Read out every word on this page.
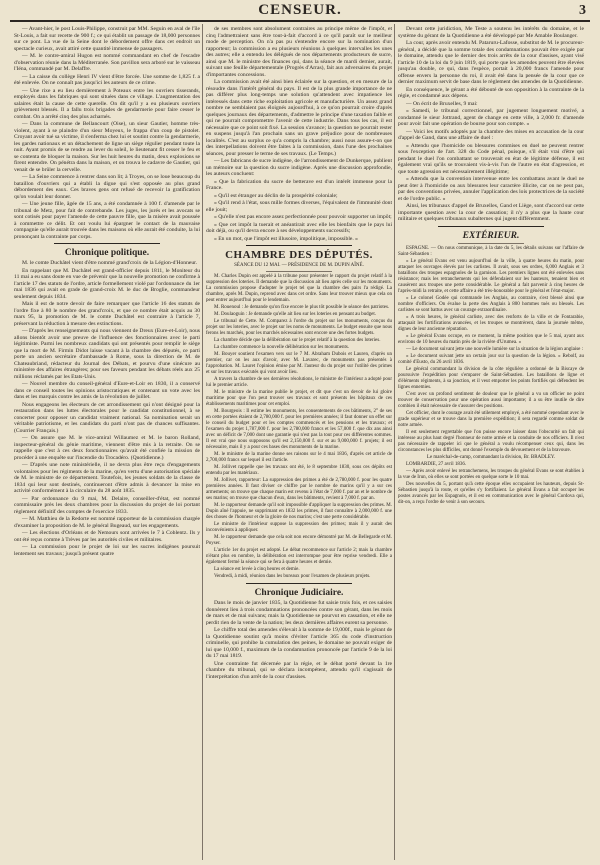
CENSEUR.	3

— Avant-hier, le post Louis-Philippe, construit par MM. Seguin en aval de l'île St-Louis, a fait sur recette de 900 f.; ce qui établit un passage de 18,000 personnes sur ce pont. La vue de la Seine dont le débordement offre dans cet endroit un spectacle curieux, avait attiré cette quantité immense de passagers.

— M. le contre-amiral Hugon est nommé commandant en chef de l'escadre d'observation réunie dans la Méditerranée. Son pavillon sera arboré sur le vaisseau l'Iéna, commandé par M. Delaffre.

— La caisse du collège Henri IV vient d'être forcée. Une somme de 1,825 f. a été enlevée. On ne connaît pas jusqu'ici les auteurs de ce crime.

— Une rixe a eu lieu dernièrement à Poteaux entre les ouvriers tisserands, employés dans les fabriques qui sont situées dans ce village. L'augmentation des salaires était la cause de cette querelle. On dit qu'il y a eu plusieurs ouvriers grièvement blessés. Il a fallu trois brigades de gendarmerie pour faire cesser le combat. On a arrêté cinq des plus acharnés.

— Dans la commune de Bellancourt (Oise), un sieur Gautier, homme très-violent, ayant à se plaindre d'un sieur Moyeux, le frappa d'un coup de pistolet. Croyant avoir tué sa victime, il s'enferma chez lui et soutint contre la gendarmerie, les gardes nationaux et un détachement de ligne un siège régulier pendant toute la nuit. Ayant promis de se rendre au lever du soleil, le lieutenant fit cesser le feu et se contenta de bloquer la maison. Sur les huit heures du matin, deux explosions se firent entendre. On pénétra dans la maison, et on trouva le cadavre de Gautier, qui venait de se brûler la cervelle.

— La Seine commence à rentrer dans son lit; à Troyes, on se loue beaucoup du bataillon d'ouvriers qui a établi la digue qui s'est opposée au plus grand débordement des eaux. Ces braves gens ont refusé de recevoir la gratification qu'on voulait leur donner.

— Une jeune fille, âgée de 15 ans, a été condamnée à 100 f. d'amende par le tribunal de Metz, pour fait de contrebande. Les juges, les jurés et les avocats se sont cotisés pour payer l'amende de cette pauvre fille, que la misère avait poussée à commettre ce délit. Et ont voulu lui épargner le contact de la mauvaise compagnie qu'elle aurait trouvée dans les maisons où elle aurait été conduite, la lui prononçant la contrainte par corps.

Chronique politique.

M. le comte Duchâtel vient d'être nommé grand'croix de la Légion-d'Honneur.

En rappelant que M. Duchâtel est grand-officier depuis 1811, le Moniteur du 11 mai a eu sans doute en vue de prévenir que la nouvelle promotion ne confirme à l'article 17 des statuts de l'ordre, article formellement violé par l'ordonnance du 1er mai 1836 qui avait en grade de grand-croix M. le duc de Broglie, commandeur seulement depuis 1834.

Mais il est de notre devoir de faire remarquer que l'article 16 des statuts de l'ordre fixe à 80 le nombre des grand'croix, et que ce nombre était acquis au 30 mars 95, la promotion de M. le comte Duchâtel est contraire à l'article 7, préservant la réduction à mesure des extinctions.

— D'après les renseignements qui nous viennent de Dreux (Eure-et-Loir), nous allons bientôt avoir une preuve de l'influence des fonctionnaires avec le parti légitimiste. Parmi les nombreux candidats qui ont présentés pour remplir le siège que la mort de M. Firmin Didot laisse vacant à la chambre des députés, ce parti porte un ancien secrétaire d'ambassade à Rome, sous la direction de M. de Chateaubriand, rédacteur du Journal des Débats, et pourvu d'une sinécure au ministère des affaires étrangères; pour ses faveurs pendant les débats réels aux 25 millions réclamés par les Etats-Unis.

— Nouvel membre du conseil-général d'Eure-et-Loir en 1830, il a conservé dans ce conseil toutes les opinions aristocratiques et contenant un vote avec les dans et les marquis contre les amis de la révolution de juillet.

Nous engageons les électeurs de cet arrondissement qui n'ont désigné pour la restauration dans les luttes électorales pour le candidat constitutionnel, à se concerter pour opposer un candidat vraiment national. Sa nomination serait un véritable patriotisme, et les candidats du parti n'ont pas de chances suffisantes. (Courrier Français.)

— On assure que M. le vice-amiral Willaumez et M. le baron Rolland, inspecteur-général du génie maritime, viennent d'être mis à la retraite. On se rappelle que c'est à ces deux fonctionnaires qu'avait été confiée la mission de procéder à une enquête sur l'incendie du Trocadéro. (Quotidienne.)

— D'après une note ministérielle, il ne devra plus être reçu d'engagements volontaires pour les régiments de la marine, qu'en vertu d'une autorisation spéciale de M. le ministre de ce département. Toutefois, les jeunes soldats de la classe de 1834 qui leur sont destinés, continueront d'être admis à devancer la mise en activité conformément à la circulaire du 28 août 1835.

— Par ordonnance du 9 mai, M. Delaire, conseiller-d'état, est nommé commissaire près les deux chambres pour la discussion du projet de loi portant règlement définitif des comptes de l'exercice 1833.

— M. Matthieu de la Redorte est nommé rapporteur de la commission chargée d'examiner la proposition de M. le général Bugeaud, sur les engagements.

— Les élections d'Orléans et de Nemours sont arrivées le 7 à Coblentz. Ils y ont été reçus comme à Trèves par les autorités civiles et militaires.

— La commission pour le projet de loi sur les sucres indigènes poursuit lentement ses travaux; jusqu'à présent quatre

de ses membres sont absolument contraires au principe même de l'impôt, et cinq l'admettraient sans être tout-à-fait d'accord à ce qu'il paraît sur le meilleur mode de perception. On n'a pas pu s'entendre encore sur la nomination d'un rapporteur; la commission a eu plusieurs réunions à quelques intervalles les unes des autres; elle a entendu les délégués de nos départements producteurs de sucre, ainsi que M. le ministre des finances qui, dans la séance de mardi dernier, aurait, suivant une feuille départementale (Progrès d'Arras), fait aux adversaires du projet d'importantes concessions.

La commission avait été ainsi bien éclairée sur la question, et en mesure de la résoudre dans l'intérêt général du pays. Il est de la plus grande importance de ne pas différer plus long-temps une solution qu'attendent avec impatience les intéressés dans cette riche exploitation agricole et manufacturière. Un assez grand nombre ne semblaient pas éloignés aujourd'hui, à ce qu'on pourrait croire d'après quelques journaux des départements, d'admettre le principe d'une taxation faible et qui ne pourrait compromettre l'avenir de cette industrie. Dans tous les cas, il est nécessaire que ce point soit fixé. La session s'avance; la question ne pourrait rester en suspens jusqu'à l'an prochain sans un grave préjudice pour de nombreuses localités. C'est au surplus ce qu'a compris la chambre; aussi nous assure-t-on que des interpellations doivent être faites à la commission, dans l'une des prochaines séances, pour presser le terme de ses travaux. (Le Temps.)

— Les fabricans de sucre indigène, de l'arrondissement de Dunkerque, publient un mémoire sur la question du sucre indigène. Après une discussion approfondie, les auteurs concluent:

« Que la fabrication du sucre de betterave est d'un intérêt immense pour la France.

« Qu'il est étranger au déclin de la prospérité coloniale;

« Qu'il rend à l'état, sous mille formes diverses, l'équivalent de l'immunité dont elle jouit;

« Qu'elle n'est pas encore assez perfectionnée pour pouvoir supporter un impôt;

« Que cet impôt la tuerait et anéantirait avec elle les bienfaits que le pays lui doit déjà, ou qu'il devra encore à ses développements successifs;

« En un mot, que l'impôt est illusoire, impolitique, impossible. »

CHAMBRE DES DÉPUTÉS.

SÉANCE DU 12 MAI. — PRÉSIDENCE DE M. DUPIN AÎNÉ.

M. Charles Dupin est appelé à la tribune pour présenter le rapport du projet relatif à la suppression des loteries. Il demande que la discussion ait lieu après celle sur les monuments. La commission propose d'adopter le projet tel que la chambre des pairs l'a rédigé. La chambre, après M. Dupin, reprend avec dans cet ordre. Sans leur trouver mieux que cela on peut entrer aujourd'hui pour le lendemain.

M. Rouenoul : Je demande qu'on fixe encore le plus tôt possible le séance des patriotes.

M. Doulaoguin : Je demande qu'elle ait lieu sur les loteries en pensant au budget.

Le tribunal de Cette. M. Comparez à l'ordre du projet sur les monuments, conçus du projet sur les loteries, avec le projet sur les noms de monuments. Le budget ensuite que nous ferons les marchés, pour les marchés nécessaires sont encore une des fortes budgets.

La chambre décide que la délibération sur le projet relatif à la question des loteries.

La chambre commence la nouvelle délibération sur les monuments.

M. Bouyer soutient l'examen vers sur le 7 M. Abraham Dubois et Lauren, d'après un premier, car on les aux d'avoir, avec M. Lavarec, de monuments pas présentés à l'approbation. M. Lauret l'opinion émise par M. l'auteur du du projet sur l'utilité des primes et sur les travaux exécutés qui vont avoir lieu.

A travers la chambre de ses dernières résolutions, le ministre de l'intérieur a adopté pour lui le premier article.

M. le ministre de la marine publie le projet, et dit que c'est un devoir de lui gloire maritime pour que l'on peut trouver ses travaux et sont présents les hôpitaux de ces établissements maritimes pour cet emploi.

M. Bourgeois : Il estime les monuments, les consentements de ces bâtiments, 2° de ses en cette portées étaient de 2,780,000 f. pour les premières années; il faut donner un effet sur le conseil du budget pour et les comptes commencés et les pensions et les travaux; et l'examen du projet 1,787,000 f. pour les 2,780,000 francs et les 57,000 f. que dix ans ainsi avec un déficit de 7,000 dont une garantie qui n'est pas la tout pour ces différentes sommes. Il est vrai que nous supposons qu'il est 2,150,000 f. sur et au 9,000,000 f. projets; il est nécessaire, mais il y a pour ces bases des monuments de la marine.

M. le ministre de la marine donne ses raisons sur le 4 mai 1836, d'après cet article de 2,700,000 francs sur lequel il est l'article.

M. Jollivet rappelle que les travaux ont été, le 8 septembre 1830, sous ces dépôts est entendu par les matériaux.

M. Jollivet, rapporteur: La suppression des primes a été de 2,780,000 f. pour les quatre premières années. Il faut diviser ce chiffre par le nombre de marins qu'il y a sur ces armements; on trouve que chaque marin est revenu à l'état de 7,000 f. par an et le nombre de ses marins; on trouve que chacun d'eux, dans les bâtiments, revient à 7,000 f. par an.

M. le rapporteur demande qu'il soit impossible d'appliquer la suppression des primes. M. Dupin aîné l'appuie, ne supprimant en 1832 les primes, il faut connaître à 2,000,000 f. une des choses de l'honneur et de la gloire de nos marins; c'est une perte considérable.

Le ministre de l'intérieur suppose la suppression des primes; mais il y aurait des inconvénients à appliquer.

M. le rapporteur demande que cela soit non encore démontré par M. de Bellegarde et M. Poyser.

L'article 1er du projet est adopté. Le débat recommence sur l'article 2; mais la chambre n'étant plus en nombre, la délibération est interrompue pour être reprise vendredi. Elle a également fermé la séance qui se fera à quatre heures et demie.

La séance est levée à cinq heures et demie.

Vendredi, à midi, réunion dans les bureaux pour l'examen de plusieurs projets.

Chronique Judiciaire.

Dans le mois de janvier 1835, la Quotidienne fut saisie trois fois, et ces saisies donnèrent lieu à trois condamnations prononcées contre son gérant, dans les mois de mars et de mai suivans; mais la Quotidienne se pourvut en cassation, et elle ne perdit rien de la vente de la nation; les deux dernières affaires eurent sa personne.

Le chiffre total des amendes s'élevait à la somme de 19,000f., mais le gérant de la Quotidienne soutint qu'à moins d'éviter l'article 365 du code d'instruction criminelle, qui prohibe la cumulation des peines, le domaine ne pouvait exiger de lui que 10,000 f., maximum de la condamnation prononcée par l'article 9 de la loi du 17 mai 1819.

Une contrainte fut décernée par la régie, et le débat porté devant la 1re chambre du tribunal, qui se déclara incompétent, attendu qu'il s'agissait de l'interprétation d'un arrêt de la cour d'assises.

Devant cette juridiction, Me Teste a soutenu les intérêts du domaine, et le système du gérant de la Quotidienne a été développé par Me Amable Boulanger.

La cour, après avoir entendu M. Pataruru-Lafosse, substitut de M. le procureur-général, a décidé que la somme totale des condamnations pouvait être exigée par le domaine, attendu que le dernier des trois arrêts de la cour d'assises, ayant visé l'article 10 de la loi du 9 juin 1819, qui porte que les amendes peuvent être élevées jusqu'au double, ce qui, dans l'espèce, portait à 20,000 francs l'amende pour offense envers la personne du roi, il avait été dans la pensée de la cour que ce dernier maximum servit de base dans le règlement des amendes de la Quotidienne.

En conséquence, le gérant a été débouté de son opposition à la contrainte de la régie, et condamné aux dépens.

— On écrit de Bruxelles, 9 mai:

« Samedi, le tribunal correctionnel, par jugement longuement motivé, a condamné le sieur Jottrand, agent de change en cette ville, à 2,000 fr. d'amende pour avoir fait une opération de bourse pour son compte. »

— Voici les motifs adoptés par la chambre des mises en accusation de la cour d'appel de Gand, dans une affaire de duel :

« Attendu que l'homicide ou blessures commises en duel ne peuvent rentrer sous l'exception de l'art. 328 du Code pénal, puisque, s'il était vrai d'être qui pendant le duel l'on combattant se trouverait en état de légitime défense, il est également vrai qu'ils se trouvaient vis-à-vis l'un de l'autre en état d'agression, et que toute agression est nécessairement illégitime;

« Attendu que la convention intervenue entre les combattans avant le duel ne peut ôter à l'homicide ou aux blessures leur caractère illicite, car on ne peut pas, par des conventions privées, annuler l'application des lois protectrices de la société et de l'ordre public. »

Ainsi, les tribunaux d'appel de Bruxelles, Gand et Liège, sont d'accord sur cette importante question avec la cour de cassation; il n'y a plus que la haute cour militaire et quelques tribunaux subalternes qui jugent différemment.

EXTÉRIEUR.

ESPAGNE. — On nous communique, à la date du 5, les détails suivans sur l'affaire de Saint-Sébastien :

« Le général Evans est venu aujourd'hui de la ville, à quatre heures du matin, pour attaquer les ouvrages élevés par les carlistes. Il avait, sous ses ordres, 6,000 Anglais et 3 bataillons des troupes espagnoles de la garnison. Les premiers lignes ont été enlevées sans résistance; mais les retranchements qui les défendaient sur les hauteurs, tenaient bien et causèrent aux troupes une perte considérable. Le général a fait parvenir à cinq heures de l'après-midi la retraite, et cette affaire a été très-honorable pour le général et l'état-major.

« Le colonel Godée qui commande les Anglais, au contraire, s'est blessé ainsi que nombre d'officiers. On évalue la perte des Anglais à 800 hommes tués ou blessés. Les carlistes se sont battus avec un courage extraordinaire.

« A trois heures, le général carliste, avec des renforts de la ville et de Fontarabie, attaquait les fortifications avancées, et les troupes se montrèrent, dans la journée même, dignes de leur ancienne réputation.

« Le général Evans occupe, en ce moment, la même position que le 5 mai, ayant aux environs de 10 heures du matin près de la rivière d'Urumea. »

— Le document suivant jette une nouvelle lumière sur la situation de la légion anglaise :

« Le document suivant jette un certain jour sur la question de la légion. » Rebolf, au comité d'Eusto, du 26 avril 1836.

Le général commandant la division de la côte régulière a ordonné de la Biscaye de poursuivre l'expédition pour s'emparer de Saint-Sébastien. Les bataillons de ligne et d'éléments régiments, à sa jonction, et il veut emporter les points fortifiés qui défendent les lignes ennemies.

C'est avec un profond sentiment de douleur que le général a vu un officier ne point trouver de conservation pour une opération aussi importante; il a su être inutile de dire combien il était nécessaire de s'assurer des positions.

Cet officier, dont le courage avait été utilement employé, a été nommé cependant avec le grade supérieur et se trouve dans la première expédition; il sera regardé comme soldat de notre armée.

Il est seulement regrettable que l'on puisse encore laisser dans l'obscurité un fait qui intéresse au plus haut degré l'honneur de notre armée et la conduite de nos officiers. Il n'est pas nécessaire de rappeler ici que le général a voulu récompenser ceux qui, dans les circonstances les plus difficiles, ont donné l'exemple du dévouement et de la bravoure.

Le maréchal-de-camp, commandant la division, Br. BRADLEY.

LOMBARDIE, 27 avril 1836.

— Après avoir enlevé les retranchemens, les troupes du général Evans se sont établies à la vue de Irun, où elles se sont portées en quelque sorte le 10 mai.

Des nouvelles du 5, portant qu'à cette époque elles occupaient les hauteurs, depuis St-Sébastien jusqu'à la route, et qu'elles s'y fortifiaient. Le général Evans a fait occuper les postes avancés par les Espagnols, et il est en communication avec le général Cordova qui, dit-on, a reçu l'ordre de venir à son secours.
